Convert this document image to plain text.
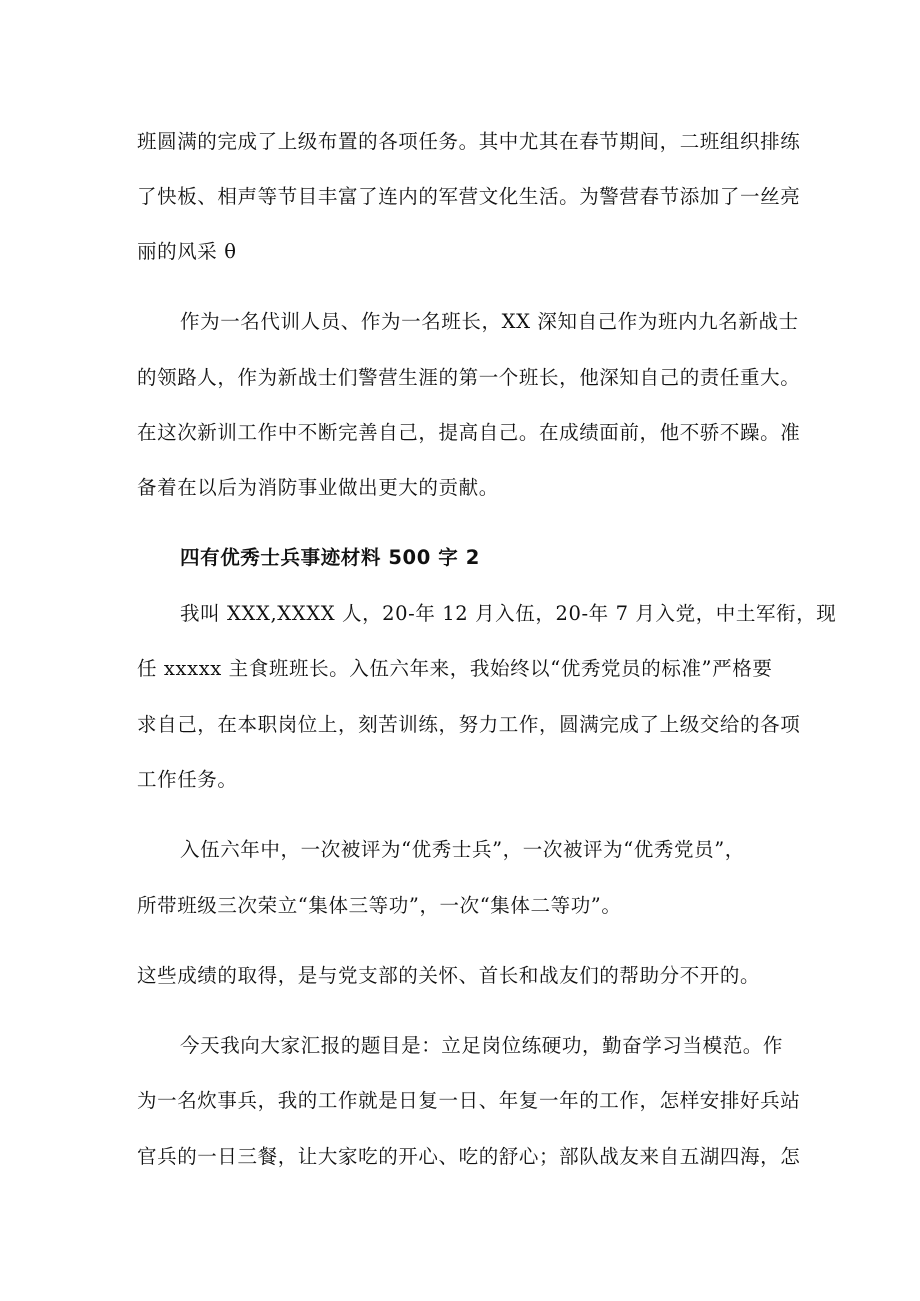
班圆满的完成了上级布置的各项任务。其中尤其在春节期间，二班组织排练
了快板、相声等节目丰富了连内的军营文化生活。为警营春节添加了一丝亮
丽的风采 θ
作为一名代训人员、作为一名班长，XX 深知自己作为班内九名新战士
的领路人，作为新战士们警营生涯的第一个班长，他深知自己的责任重大。
在这次新训工作中不断完善自己，提高自己。在成绩面前，他不骄不躁。准
备着在以后为消防事业做出更大的贡献。
四有优秀士兵事迹材料 500 字 2
我叫 XXX,XXXX 人，20-年 12 月入伍，20-年 7 月入党，中土军衔，现
任 xxxxx 主食班班长。入伍六年来，我始终以“优秀党员的标准”严格要
求自己，在本职岗位上，刻苦训练，努力工作，圆满完成了上级交给的各项
工作任务。
入伍六年中，一次被评为“优秀士兵”，一次被评为“优秀党员”，
所带班级三次荣立“集体三等功”，一次“集体二等功”。
这些成绩的取得，是与党支部的关怀、首长和战友们的帮助分不开的。
今天我向大家汇报的题目是：立足岗位练硬功，勤奋学习当模范。作
为一名炊事兵，我的工作就是日复一日、年复一年的工作，怎样安排好兵站
官兵的一日三餐，让大家吃的开心、吃的舒心；部队战友来自五湖四海，怎
